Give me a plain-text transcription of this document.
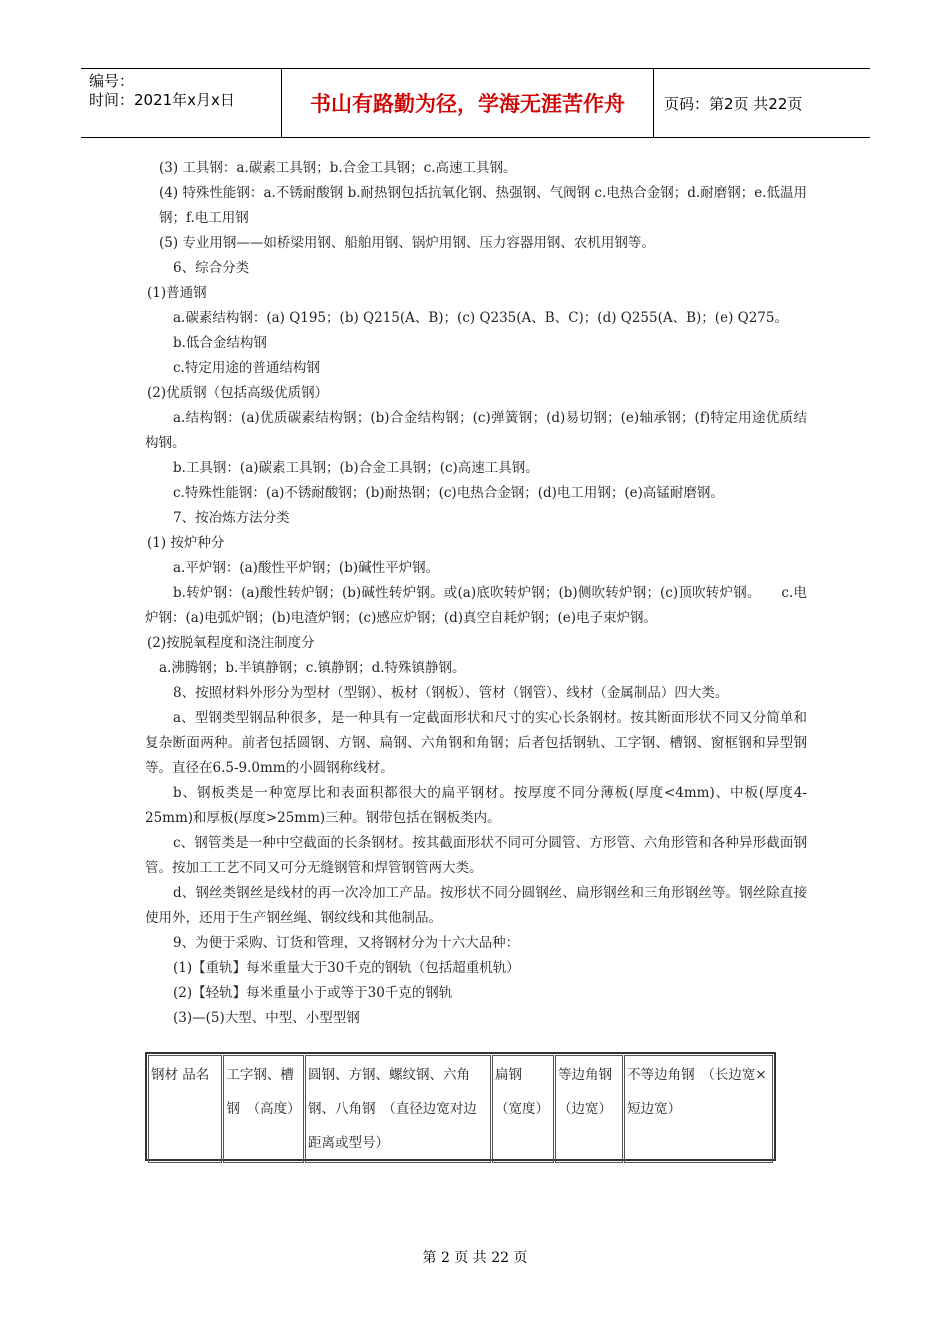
编号：
时间：2021年x月x日	书山有路勤为径，学海无涯苦作舟	页码：第2页 共22页

(3) 工具钢：a.碳素工具钢；b.合金工具钢；c.高速工具钢。

(4) 特殊性能钢：a.不锈耐酸钢 b.耐热钢包括抗氧化钢、热强钢、气阀钢 c.电热合金钢；d.耐磨钢；e.低温用钢；f.电工用钢

(5) 专业用钢——如桥梁用钢、船舶用钢、锅炉用钢、压力容器用钢、农机用钢等。

6、综合分类

(1)普通钢

a.碳素结构钢：(a) Q195；(b) Q215(A、B)；(c) Q235(A、B、C)；(d) Q255(A、B)；(e) Q275。

b.低合金结构钢

c.特定用途的普通结构钢

(2)优质钢（包括高级优质钢）

a.结构钢：(a)优质碳素结构钢；(b)合金结构钢；(c)弹簧钢；(d)易切钢；(e)轴承钢；(f)特定用途优质结构钢。

b.工具钢：(a)碳素工具钢；(b)合金工具钢；(c)高速工具钢。

c.特殊性能钢：(a)不锈耐酸钢；(b)耐热钢；(c)电热合金钢；(d)电工用钢；(e)高锰耐磨钢。

7、按冶炼方法分类

(1) 按炉种分

a.平炉钢：(a)酸性平炉钢；(b)碱性平炉钢。

b.转炉钢：(a)酸性转炉钢；(b)碱性转炉钢。或(a)底吹转炉钢；(b)侧吹转炉钢；(c)顶吹转炉钢。　　c.电炉钢：(a)电弧炉钢；(b)电渣炉钢；(c)感应炉钢；(d)真空自耗炉钢；(e)电子束炉钢。

(2)按脱氧程度和浇注制度分

a.沸腾钢；b.半镇静钢；c.镇静钢；d.特殊镇静钢。

8、按照材料外形分为型材（型钢）、板材（钢板）、管材（钢管）、线材（金属制品）四大类。

a、型钢类型钢品种很多，是一种具有一定截面形状和尺寸的实心长条钢材。按其断面形状不同又分简单和复杂断面两种。前者包括圆钢、方钢、扁钢、六角钢和角钢；后者包括钢轨、工字钢、槽钢、窗框钢和异型钢等。直径在6.5-9.0mm的小圆钢称线材。

b、钢板类是一种宽厚比和表面积都很大的扁平钢材。按厚度不同分薄板(厚度<4mm)、中板(厚度4-25mm)和厚板(厚度>25mm)三种。钢带包括在钢板类内。

c、钢管类是一种中空截面的长条钢材。按其截面形状不同可分圆管、方形管、六角形管和各种异形截面钢管。按加工工艺不同又可分无缝钢管和焊管钢管两大类。

d、钢丝类钢丝是线材的再一次冷加工产品。按形状不同分圆钢丝、扁形钢丝和三角形钢丝等。钢丝除直接使用外，还用于生产钢丝绳、钢纹线和其他制品。

9、为便于采购、订货和管理，又将钢材分为十六大品种：

(1)【重轨】每米重量大于30千克的钢轨（包括超重机轨）

(2)【轻轨】每米重量小于或等于30千克的钢轨

(3)—(5)大型、中型、小型型钢

钢材 品名	工字钢、槽钢　（高度）	圆钢、方钢、螺纹钢、六角钢、八角钢　（直径边宽对边距离或型号）	扁钢　（宽度）	等边角钢　（边宽）	不等边角钢　（长边宽×短边宽）
第 2 页 共 22 页
